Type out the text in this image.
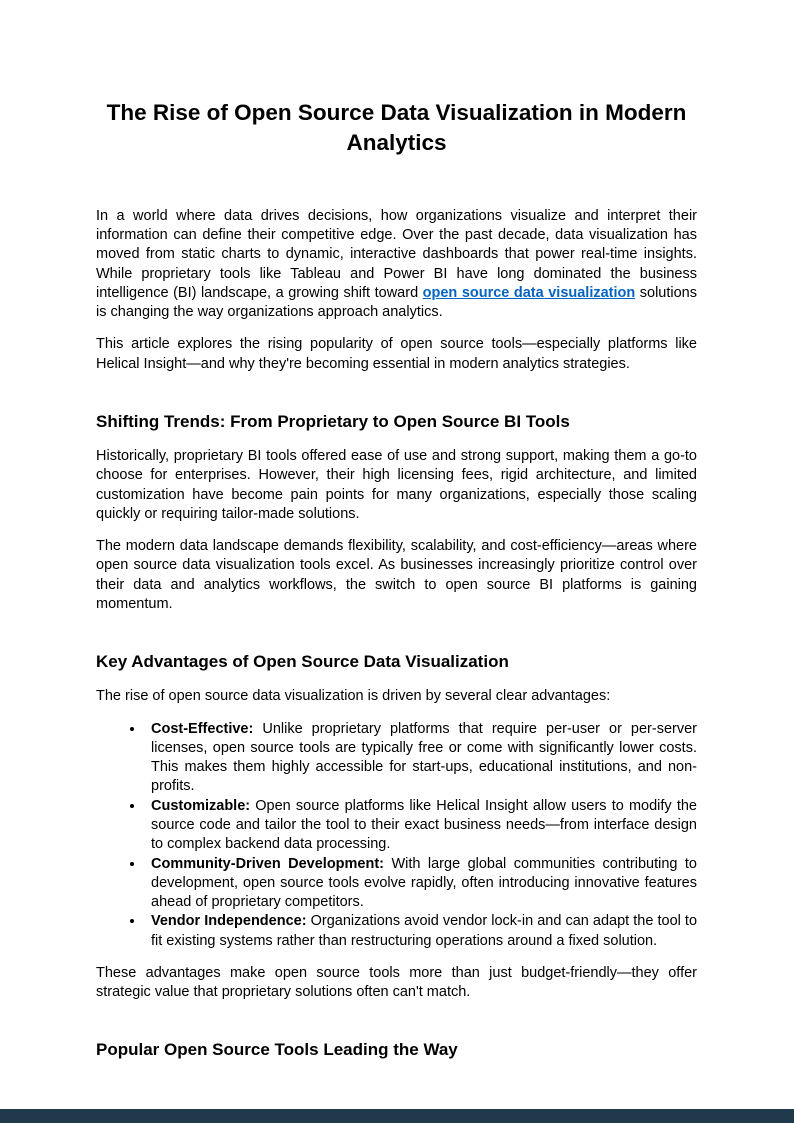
The Rise of Open Source Data Visualization in Modern Analytics

In a world where data drives decisions, how organizations visualize and interpret their information can define their competitive edge. Over the past decade, data visualization has moved from static charts to dynamic, interactive dashboards that power real-time insights. While proprietary tools like Tableau and Power BI have long dominated the business intelligence (BI) landscape, a growing shift toward open source data visualization solutions is changing the way organizations approach analytics.

This article explores the rising popularity of open source tools—especially platforms like Helical Insight—and why they're becoming essential in modern analytics strategies.

Shifting Trends: From Proprietary to Open Source BI Tools

Historically, proprietary BI tools offered ease of use and strong support, making them a go-to choose for enterprises. However, their high licensing fees, rigid architecture, and limited customization have become pain points for many organizations, especially those scaling quickly or requiring tailor-made solutions.

The modern data landscape demands flexibility, scalability, and cost-efficiency—areas where open source data visualization tools excel. As businesses increasingly prioritize control over their data and analytics workflows, the switch to open source BI platforms is gaining momentum.

Key Advantages of Open Source Data Visualization

The rise of open source data visualization is driven by several clear advantages:

• Cost-Effective: Unlike proprietary platforms that require per-user or per-server licenses, open source tools are typically free or come with significantly lower costs. This makes them highly accessible for start-ups, educational institutions, and non-profits.
• Customizable: Open source platforms like Helical Insight allow users to modify the source code and tailor the tool to their exact business needs—from interface design to complex backend data processing.
• Community-Driven Development: With large global communities contributing to development, open source tools evolve rapidly, often introducing innovative features ahead of proprietary competitors.
• Vendor Independence: Organizations avoid vendor lock-in and can adapt the tool to fit existing systems rather than restructuring operations around a fixed solution.

These advantages make open source tools more than just budget-friendly—they offer strategic value that proprietary solutions often can't match.

Popular Open Source Tools Leading the Way
